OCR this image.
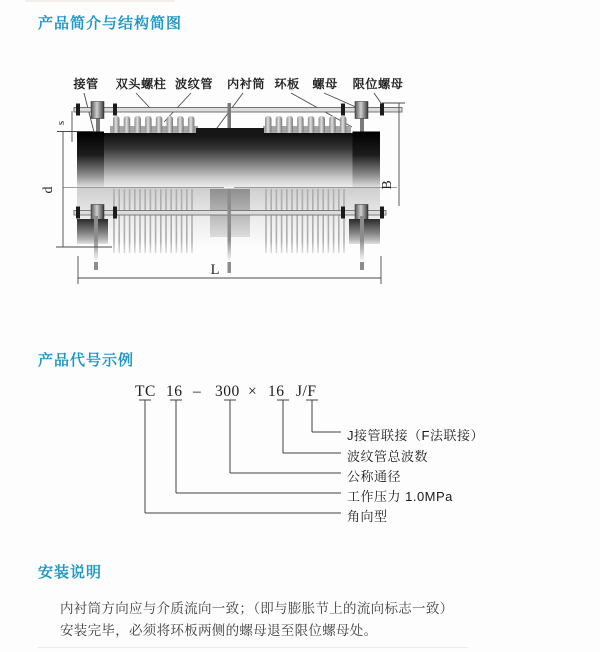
产品简介与结构简图
产品代号示例
安装说明
接管 双头螺柱 波纹管 内衬筒 环板 螺母 限位螺母
s
d
B
L
TC 16 – 300 × 16 J/F
J接管联接（F法联接）
波纹管总波数
公称通径
工作压力 1.0MPa
角向型
内衬筒方向应与介质流向一致；（即与膨胀节上的流向标志一致）
安装完毕，必须将环板两侧的螺母退至限位螺母处。
